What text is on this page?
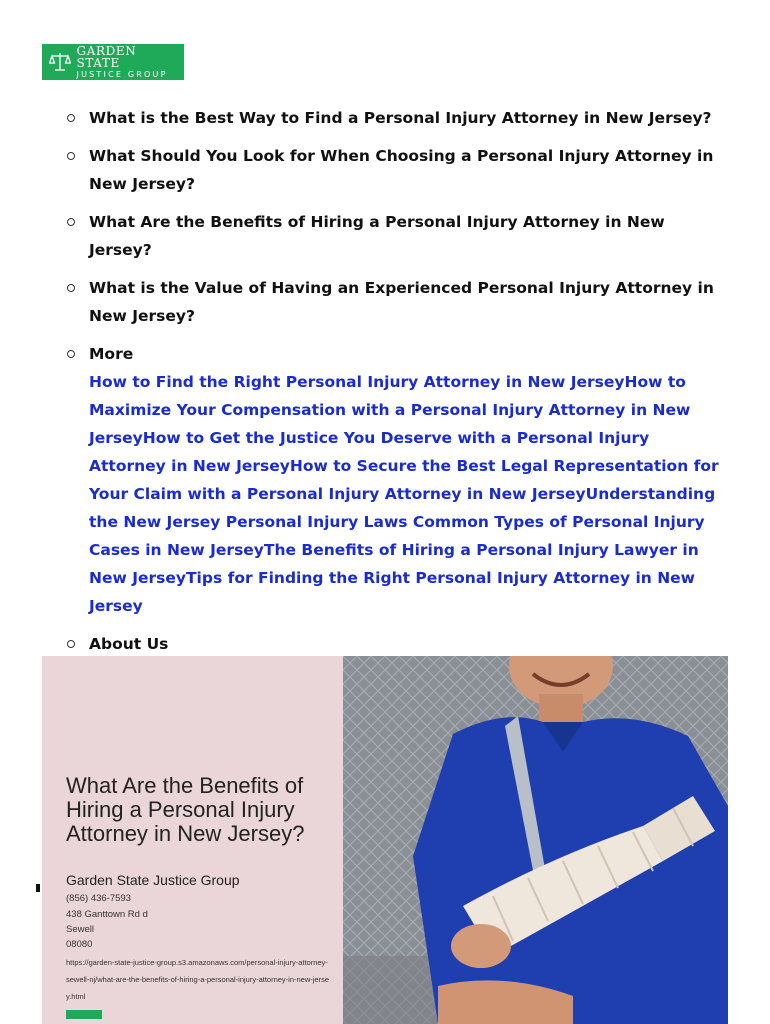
GARDEN STATE
JUSTICE GROUP
What is the Best Way to Find a Personal Injury Attorney in New Jersey?
What Should You Look for When Choosing a Personal Injury Attorney in New Jersey?
What Are the Benefits of Hiring a Personal Injury Attorney in New Jersey?
What is the Value of Having an Experienced Personal Injury Attorney in New Jersey?
More
How to Find the Right Personal Injury Attorney in New JerseyHow to Maximize Your Compensation with a Personal Injury Attorney in New JerseyHow to Get the Justice You Deserve with a Personal Injury Attorney in New JerseyHow to Secure the Best Legal Representation for Your Claim with a Personal Injury Attorney in New JerseyUnderstanding the New Jersey Personal Injury Laws Common Types of Personal Injury Cases in New JerseyThe Benefits of Hiring a Personal Injury Lawyer in New JerseyTips for Finding the Right Personal Injury Attorney in New Jersey
About Us
What Are the Benefits of Hiring a Personal Injury Attorney in New Jersey?
Garden State Justice Group
(856) 436-7593
438 Ganttown Rd d
Sewell
08080
https://garden-state-justice-group.s3.amazonaws.com/personal-injury-attorney-sewell-nj/what-are-the-benefits-of-hiring-a-personal-injury-attorney-in-new-jersey.html
